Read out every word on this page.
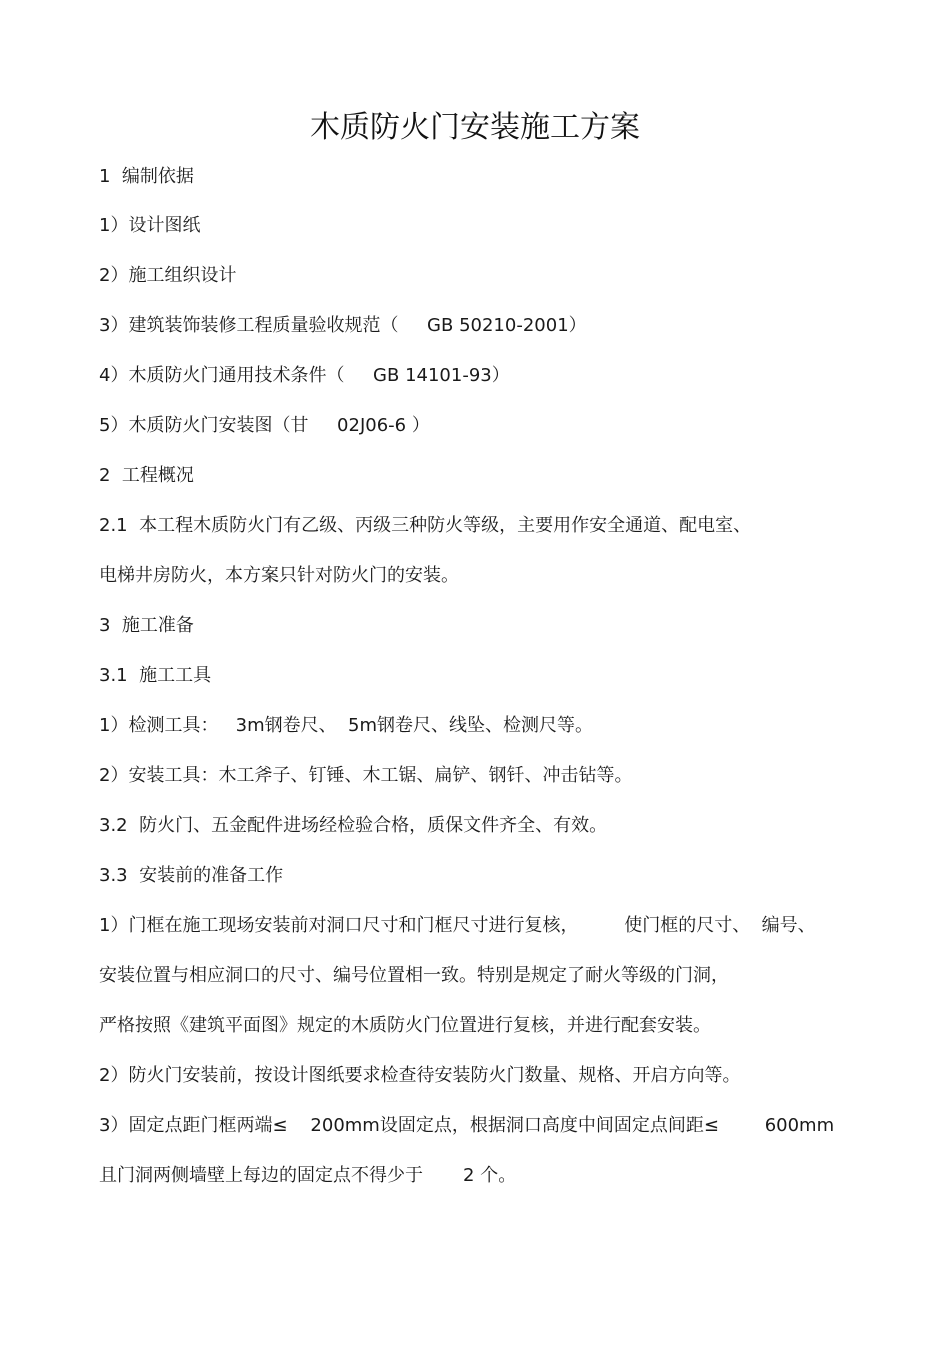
木质防火门安装施工方案
1  编制依据
1）设计图纸
2）施工组织设计
3）建筑装饰装修工程质量验收规范（     GB 50210-2001）
4）木质防火门通用技术条件（     GB 14101-93）
5）木质防火门安装图（甘     02J06-6 ）
2  工程概况
2.1  本工程木质防火门有乙级、丙级三种防火等级，主要用作安全通道、配电室、
电梯井房防火，本方案只针对防火门的安装。
3  施工准备
3.1  施工工具
1）检测工具：   3m钢卷尺、  5m钢卷尺、线坠、检测尺等。
2）安装工具：木工斧子、钉锤、木工锯、扁铲、钢钎、冲击钻等。
3.2  防火门、五金配件进场经检验合格，质保文件齐全、有效。
3.3  安装前的准备工作
1）门框在施工现场安装前对洞口尺寸和门框尺寸进行复核，        使门框的尺寸、  编号、
安装位置与相应洞口的尺寸、编号位置相一致。特别是规定了耐火等级的门洞，
严格按照《建筑平面图》规定的木质防火门位置进行复核，并进行配套安装。
2）防火门安装前，按设计图纸要求检查待安装防火门数量、规格、开启方向等。
3）固定点距门框两端≤    200mm设固定点，根据洞口高度中间固定点间距≤        600mm
且门洞两侧墙壁上每边的固定点不得少于       2 个。
